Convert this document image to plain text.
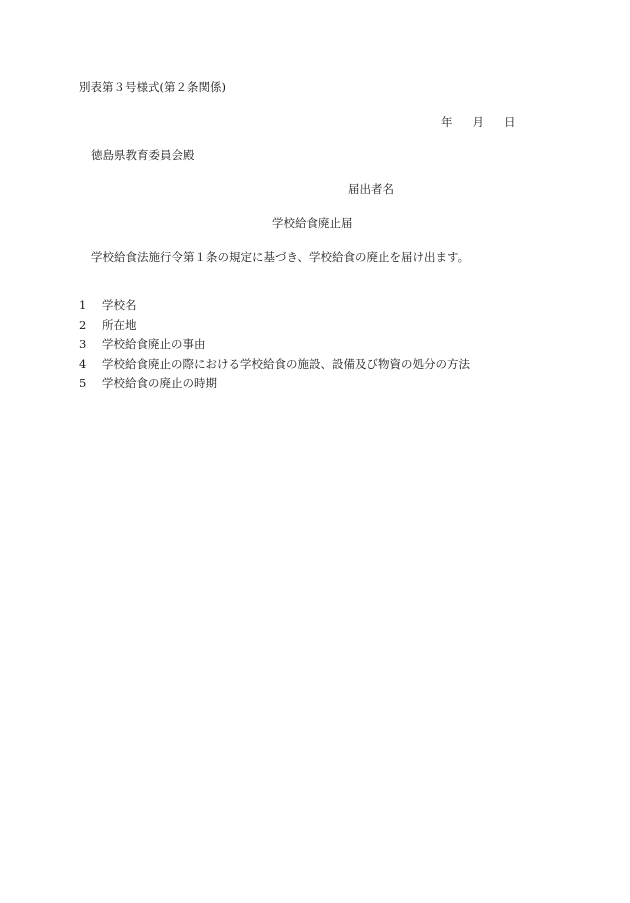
別表第３号様式(第２条関係)
年 月 日
徳島県教育委員会殿
届出者名
学校給食廃止届
学校給食法施行令第１条の規定に基づき、学校給食の廃止を届け出ます。
1	学校名
2	所在地
3	学校給食廃止の事由
4	学校給食廃止の際における学校給食の施設、設備及び物資の処分の方法
5	学校給食の廃止の時期
